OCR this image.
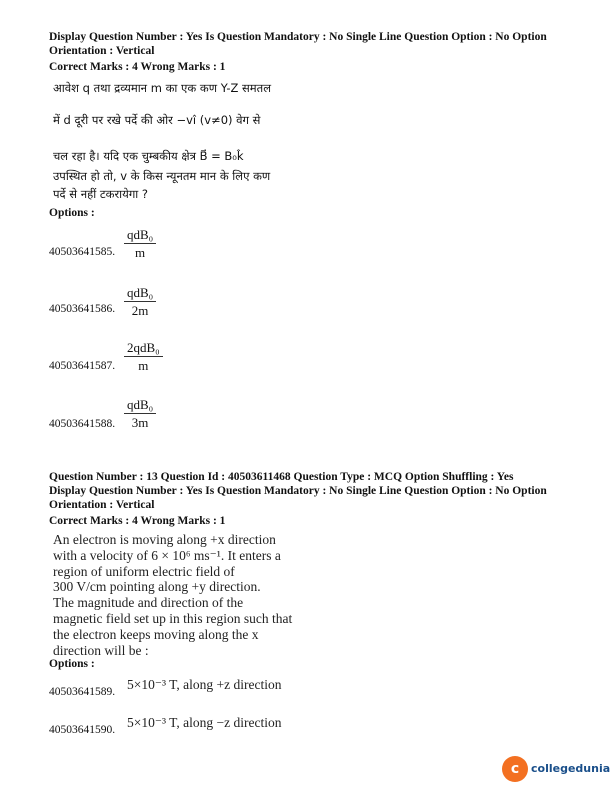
Display Question Number : Yes Is Question Mandatory : No Single Line Question Option : No Option
Orientation : Vertical
Correct Marks : 4 Wrong Marks : 1
आवेश q तथा द्रव्यमान m का एक कण Y-Z समतल
में d दूरी पर रखे पर्दे की ओर −vî (v≠0) वेग से
चल रहा है। यदि एक चुम्बकीय क्षेत्र B⃗ = B₀k̂
उपस्थित हो तो, v के किस न्यूनतम मान के लिए कण
पर्दे से नहीं टकरायेगा ?
Options :
$\frac{\text{qdB₀}}{m}$
40503641585.
$\frac{\text{qdB₀}}{2m}$
40503641586.
$\frac{\text{2qdB₀}}{m}$
40503641587.
$\frac{\text{qdB₀}}{3m}$
40503641588.
Question Number : 13 Question Id : 40503611468 Question Type : MCQ Option Shuffling : Yes
Display Question Number : Yes Is Question Mandatory : No Single Line Question Option : No Option
Orientation : Vertical
Correct Marks : 4 Wrong Marks : 1
An electron is moving along +x direction
with a velocity of 6 × 10⁶ ms⁻¹. It enters a
region of uniform electric field of
300 V/cm pointing along +y direction.
The magnitude and direction of the
magnetic field set up in this region such that
the electron keeps moving along the x
direction will be :
Options :
40503641589. 5×10⁻³ T, along +z direction
40503641590. 5×10⁻³ T, along −z direction
c	collegedunia
